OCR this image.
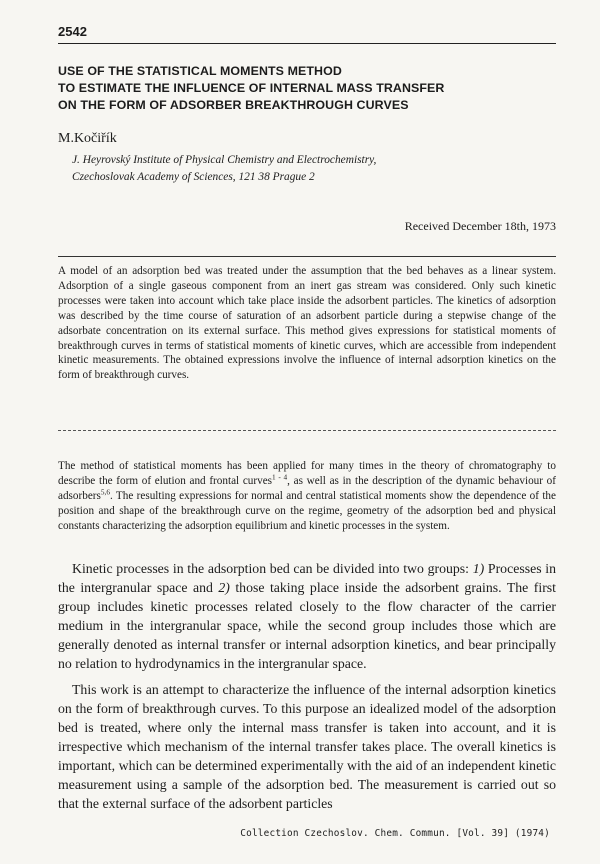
2542
USE OF THE STATISTICAL MOMENTS METHOD
TO ESTIMATE THE INFLUENCE OF INTERNAL MASS TRANSFER
ON THE FORM OF ADSORBER BREAKTHROUGH CURVES
M.Kočiřík
J. Heyrovský Institute of Physical Chemistry and Electrochemistry,
Czechoslovak Academy of Sciences, 121 38 Prague 2
Received December 18th, 1973
A model of an adsorption bed was treated under the assumption that the bed behaves as a linear system. Adsorption of a single gaseous component from an inert gas stream was considered. Only such kinetic processes were taken into account which take place inside the adsorbent particles. The kinetics of adsorption was described by the time course of saturation of an adsorbent particle during a stepwise change of the adsorbate concentration on its external surface. This method gives expressions for statistical moments of breakthrough curves in terms of statistical moments of kinetic curves, which are accessible from independent kinetic measurements. The obtained expressions involve the influence of internal adsorption kinetics on the form of breakthrough curves.
The method of statistical moments has been applied for many times in the theory of chromatography to describe the form of elution and frontal curves$^{1 - 4}$, as well as in the description of the dynamic behaviour of adsorbers$^{5,6}$. The resulting expressions for normal and central statistical moments show the dependence of the position and shape of the breakthrough curve on the regime, geometry of the adsorption bed and physical constants characterizing the adsorption equilibrium and kinetic processes in the system.

Kinetic processes in the adsorption bed can be divided into two groups: 1) Processes in the intergranular space and 2) those taking place inside the adsorbent grains. The first group includes kinetic processes related closely to the flow character of the carrier medium in the intergranular space, while the second group includes those which are generally denoted as internal transfer or internal adsorption kinetics, and bear principally no relation to hydrodynamics in the intergranular space.

This work is an attempt to characterize the influence of the internal adsorption kinetics on the form of breakthrough curves. To this purpose an idealized model of the adsorption bed is treated, where only the internal mass transfer is taken into account, and it is irrespective which mechanism of the internal transfer takes place. The overall kinetics is important, which can be determined experimentally with the aid of an independent kinetic measurement using a sample of the adsorption bed. The measurement is carried out so that the external surface of the adsorbent particles

Collection Czechoslov. Chem. Commun. [Vol. 39] (1974)
